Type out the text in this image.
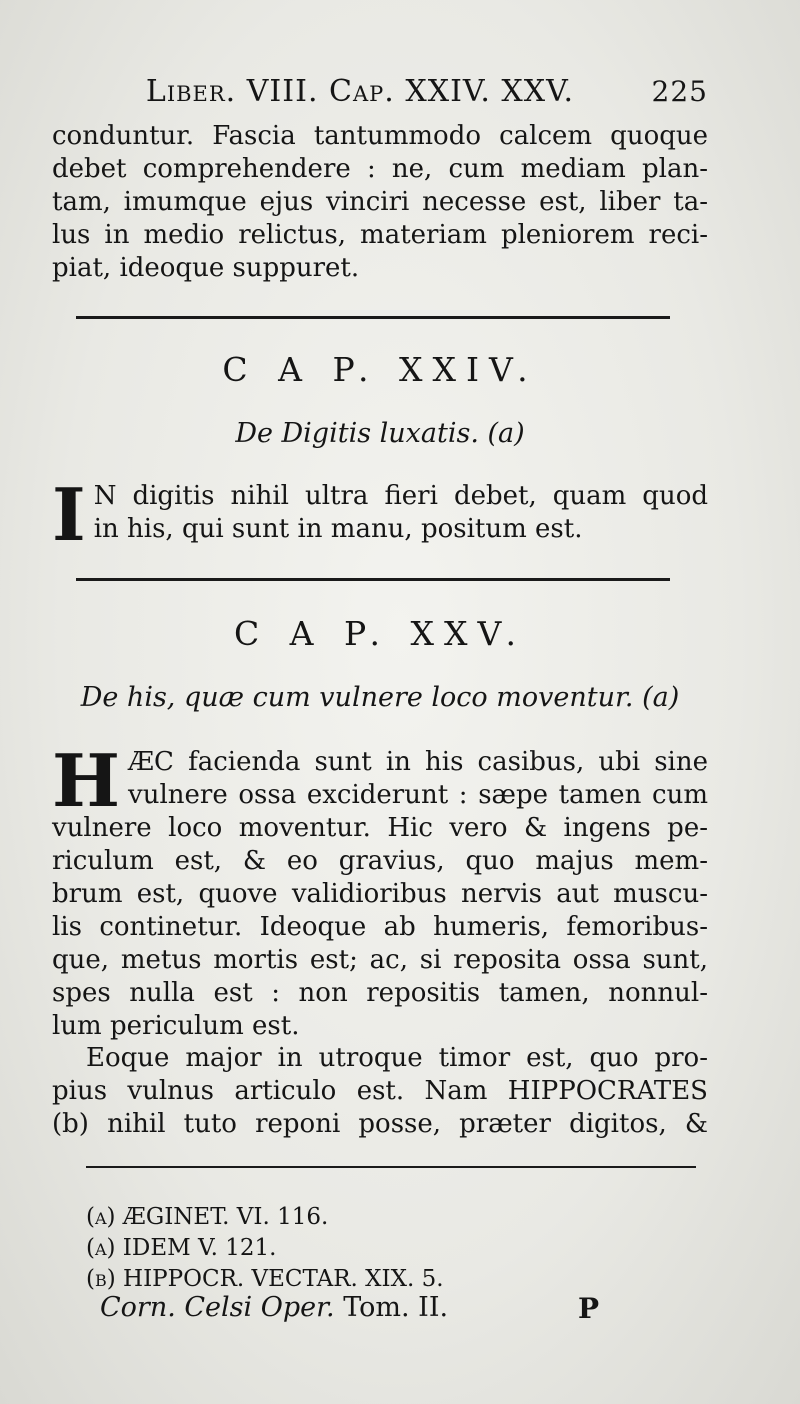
Liber. VIII. Cap. XXIV. XXV.	225
conduntur. Fascia tantummodo calcem quoque
debet comprehendere : ne, cum mediam plan-
tam, imumque ejus vinciri necesse est, liber ta-
lus in medio relictus, materiam pleniorem reci-
piat, ideoque suppuret.
C A P. XXIV.
De Digitis luxatis. (a)
I N digitis nihil ultra fieri debet, quam quod
in his, qui sunt in manu, positum est.
C A P. XXV.
De his, quæ cum vulnere loco moventur. (a)
H ÆC facienda sunt in his casibus, ubi sine
vulnere ossa exciderunt : sæpe tamen cum
vulnere loco moventur. Hic vero & ingens pe-
riculum est, & eo gravius, quo majus mem-
brum est, quove validioribus nervis aut muscu-
lis continetur. Ideoque ab humeris, femoribus-
que, metus mortis est; ac, si reposita ossa sunt,
spes nulla est : non repositis tamen, nonnul-
lum periculum est.
Eoque major in utroque timor est, quo pro-
pius vulnus articulo est. Nam HIPPOCRATES
(b) nihil tuto reponi posse, præter digitos, &
(a) ÆGINET. VI. 116.
(a) IDEM V. 121.
(b) HIPPOCR. VECTAR. XIX. 5.
Corn. Celsi Oper. Tom. II.	P
